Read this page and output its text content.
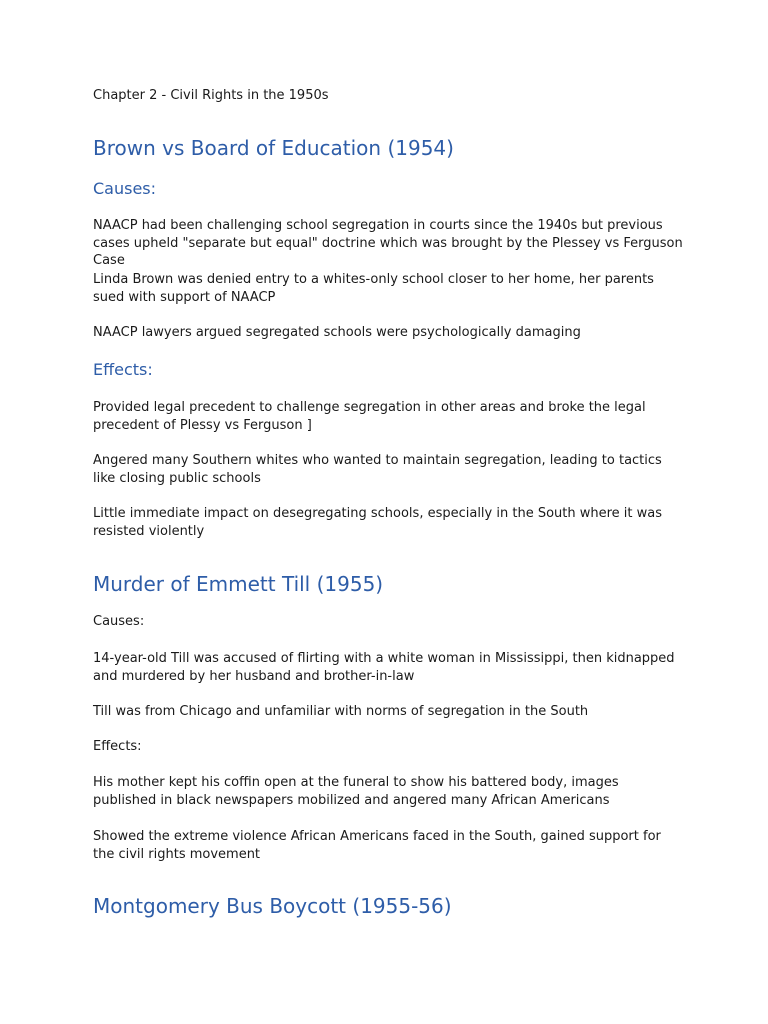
Chapter 2 - Civil Rights in the 1950s

Brown vs Board of Education (1954)
Causes:

NAACP had been challenging school segregation in courts since the 1940s but previous cases upheld "separate but equal" doctrine which was brought by the Plessey vs Ferguson Case

Linda Brown was denied entry to a whites-only school closer to her home, her parents sued with support of NAACP

NAACP lawyers argued segregated schools were psychologically damaging

Effects:

Provided legal precedent to challenge segregation in other areas and broke the legal precedent of Plessy vs Ferguson ]

Angered many Southern whites who wanted to maintain segregation, leading to tactics like closing public schools

Little immediate impact on desegregating schools, especially in the South where it was resisted violently

Murder of Emmett Till (1955)

Causes:

14-year-old Till was accused of flirting with a white woman in Mississippi, then kidnapped and murdered by her husband and brother-in-law

Till was from Chicago and unfamiliar with norms of segregation in the South

Effects:

His mother kept his coffin open at the funeral to show his battered body, images published in black newspapers mobilized and angered many African Americans

Showed the extreme violence African Americans faced in the South, gained support for the civil rights movement

Montgomery Bus Boycott (1955-56)
